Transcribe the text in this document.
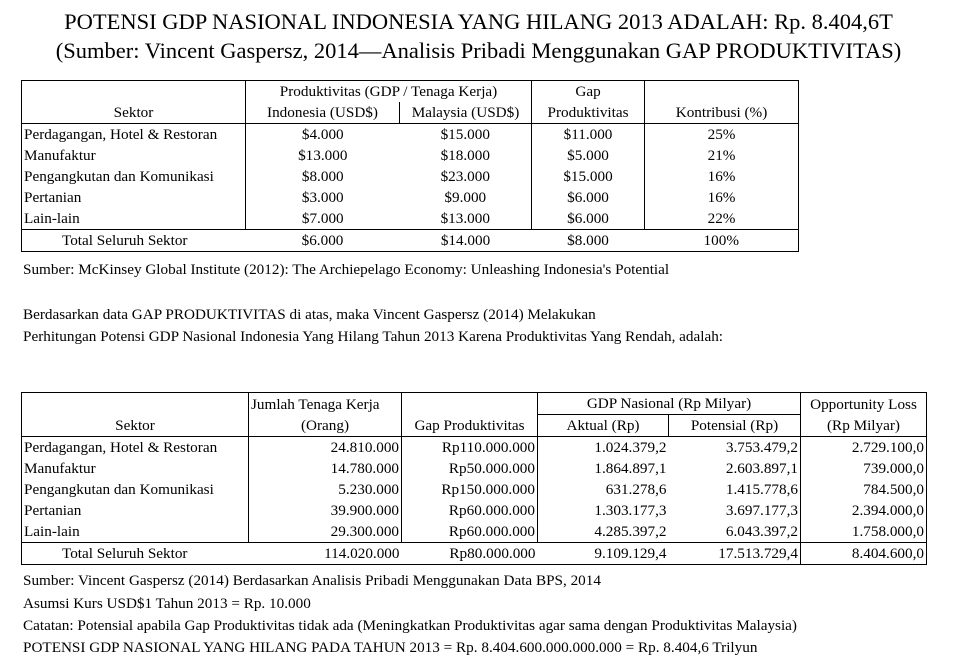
POTENSI GDP NASIONAL INDONESIA YANG HILANG 2013 ADALAH: Rp. 8.404,6T
(Sumber: Vincent Gaspersz, 2014—Analisis Pribadi Menggunakan GAP PRODUKTIVITAS)
	Produktivitas (GDP / Tenaga Kerja)		Gap	
Sektor	Indonesia (USD$)	Malaysia (USD$)	Produktivitas	Kontribusi (%)
Perdagangan, Hotel & Restoran	$4.000	$15.000	$11.000	25%
Manufaktur	$13.000	$18.000	$5.000	21%
Pengangkutan dan Komunikasi	$8.000	$23.000	$15.000	16%
Pertanian	$3.000	$9.000	$6.000	16%
Lain-lain	$7.000	$13.000	$6.000	22%
Total Seluruh Sektor	$6.000	$14.000	$8.000	100%
Sumber: McKinsey Global Institute (2012): The Archiepelago Economy: Unleashing Indonesia's Potential
Berdasarkan data GAP PRODUKTIVITAS di atas, maka Vincent Gaspersz (2014) Melakukan
Perhitungan Potensi GDP Nasional Indonesia Yang Hilang Tahun 2013 Karena Produktivitas Yang Rendah, adalah:
	Jumlah Tenaga Kerja		GDP Nasional (Rp Milyar)		Opportunity Loss
Sektor	(Orang)	Gap Produktivitas	Aktual (Rp)	Potensial (Rp)	(Rp Milyar)
Perdagangan, Hotel & Restoran	24.810.000	Rp110.000.000	1.024.379,2	3.753.479,2	2.729.100,0
Manufaktur	14.780.000	Rp50.000.000	1.864.897,1	2.603.897,1	739.000,0
Pengangkutan dan Komunikasi	5.230.000	Rp150.000.000	631.278,6	1.415.778,6	784.500,0
Pertanian	39.900.000	Rp60.000.000	1.303.177,3	3.697.177,3	2.394.000,0
Lain-lain	29.300.000	Rp60.000.000	4.285.397,2	6.043.397,2	1.758.000,0
Total Seluruh Sektor	114.020.000	Rp80.000.000	9.109.129,4	17.513.729,4	8.404.600,0
Sumber: Vincent Gaspersz (2014) Berdasarkan Analisis Pribadi Menggunakan Data BPS, 2014
Asumsi Kurs USD$1 Tahun 2013 = Rp. 10.000
Catatan: Potensial apabila Gap Produktivitas tidak ada (Meningkatkan Produktivitas agar sama dengan Produktivitas Malaysia)
POTENSI GDP NASIONAL YANG HILANG PADA TAHUN 2013 = Rp. 8.404.600.000.000.000 = Rp. 8.404,6 Trilyun
